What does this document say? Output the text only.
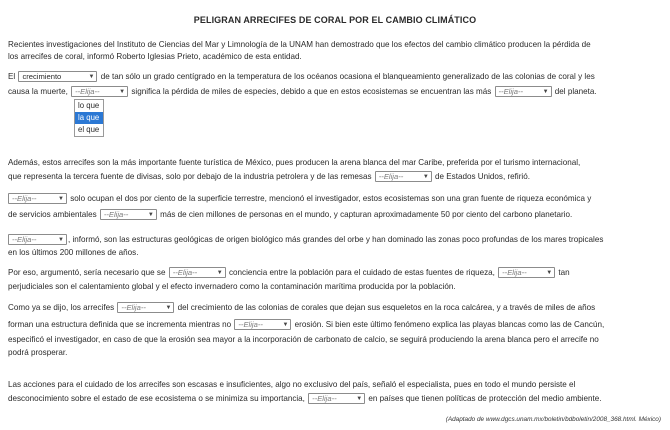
PELIGRAN ARRECIFES DE CORAL POR EL CAMBIO CLIMÁTICO
Recientes investigaciones del Instituto de Ciencias del Mar y Limnología de la UNAM han demostrado que los efectos del cambio climático producen la pérdida de
los arrecifes de coral, informó Roberto Iglesias Prieto, académico de esta entidad.
El crecimiento	▼ de tan sólo un grado centígrado en la temperatura de los océanos ocasiona el blanqueamiento generalizado de las colonias de coral y les
causa la muerte, --Elija--	▼ significa la pérdida de miles de especies, debido a que en estos ecosistemas se encuentran las más --Elija--	▼ del planeta.
lo que
la que
el que
Además, estos arrecifes son la más importante fuente turística de México, pues producen la arena blanca del mar Caribe, preferida por el turismo internacional,
que representa la tercera fuente de divisas, solo por debajo de la industria petrolera y de las remesas --Elija--	▼ de Estados Unidos, refirió.
--Elija--	▼ solo ocupan el dos por ciento de la superficie terrestre, mencionó el investigador, estos ecosistemas son una gran fuente de riqueza económica y
de servicios ambientales --Elija--	▼ más de cien millones de personas en el mundo, y capturan aproximadamente 50 por ciento del carbono planetario.
--Elija--	▼ , informó, son las estructuras geológicas de origen biológico más grandes del orbe y han dominado las zonas poco profundas de los mares tropicales
en los últimos 200 millones de años.
Por eso, argumentó, sería necesario que se --Elija--	▼ conciencia entre la población para el cuidado de estas fuentes de riqueza, --Elija--	▼ tan
perjudiciales son el calentamiento global y el efecto invernadero como la contaminación marítima producida por la población.
Como ya se dijo, los arrecifes --Elija--	▼ del crecimiento de las colonias de corales que dejan sus esqueletos en la roca calcárea, y a través de miles de años
forman una estructura definida que se incrementa mientras no --Elija--	▼ erosión. Si bien este último fenómeno explica las playas blancas como las de Cancún,
especificó el investigador, en caso de que la erosión sea mayor a la incorporación de carbonato de calcio, se seguirá produciendo la arena blanca pero el arrecife no
podrá prosperar.
Las acciones para el cuidado de los arrecifes son escasas e insuficientes, algo no exclusivo del país, señaló el especialista, pues en todo el mundo persiste el
desconocimiento sobre el estado de ese ecosistema o se minimiza su importancia, --Elija--	▼ en países que tienen políticas de protección del medio ambiente.
(Adaptado de www.dgcs.unam.mx/boletin/bdboletin/2008_368.html. México)
